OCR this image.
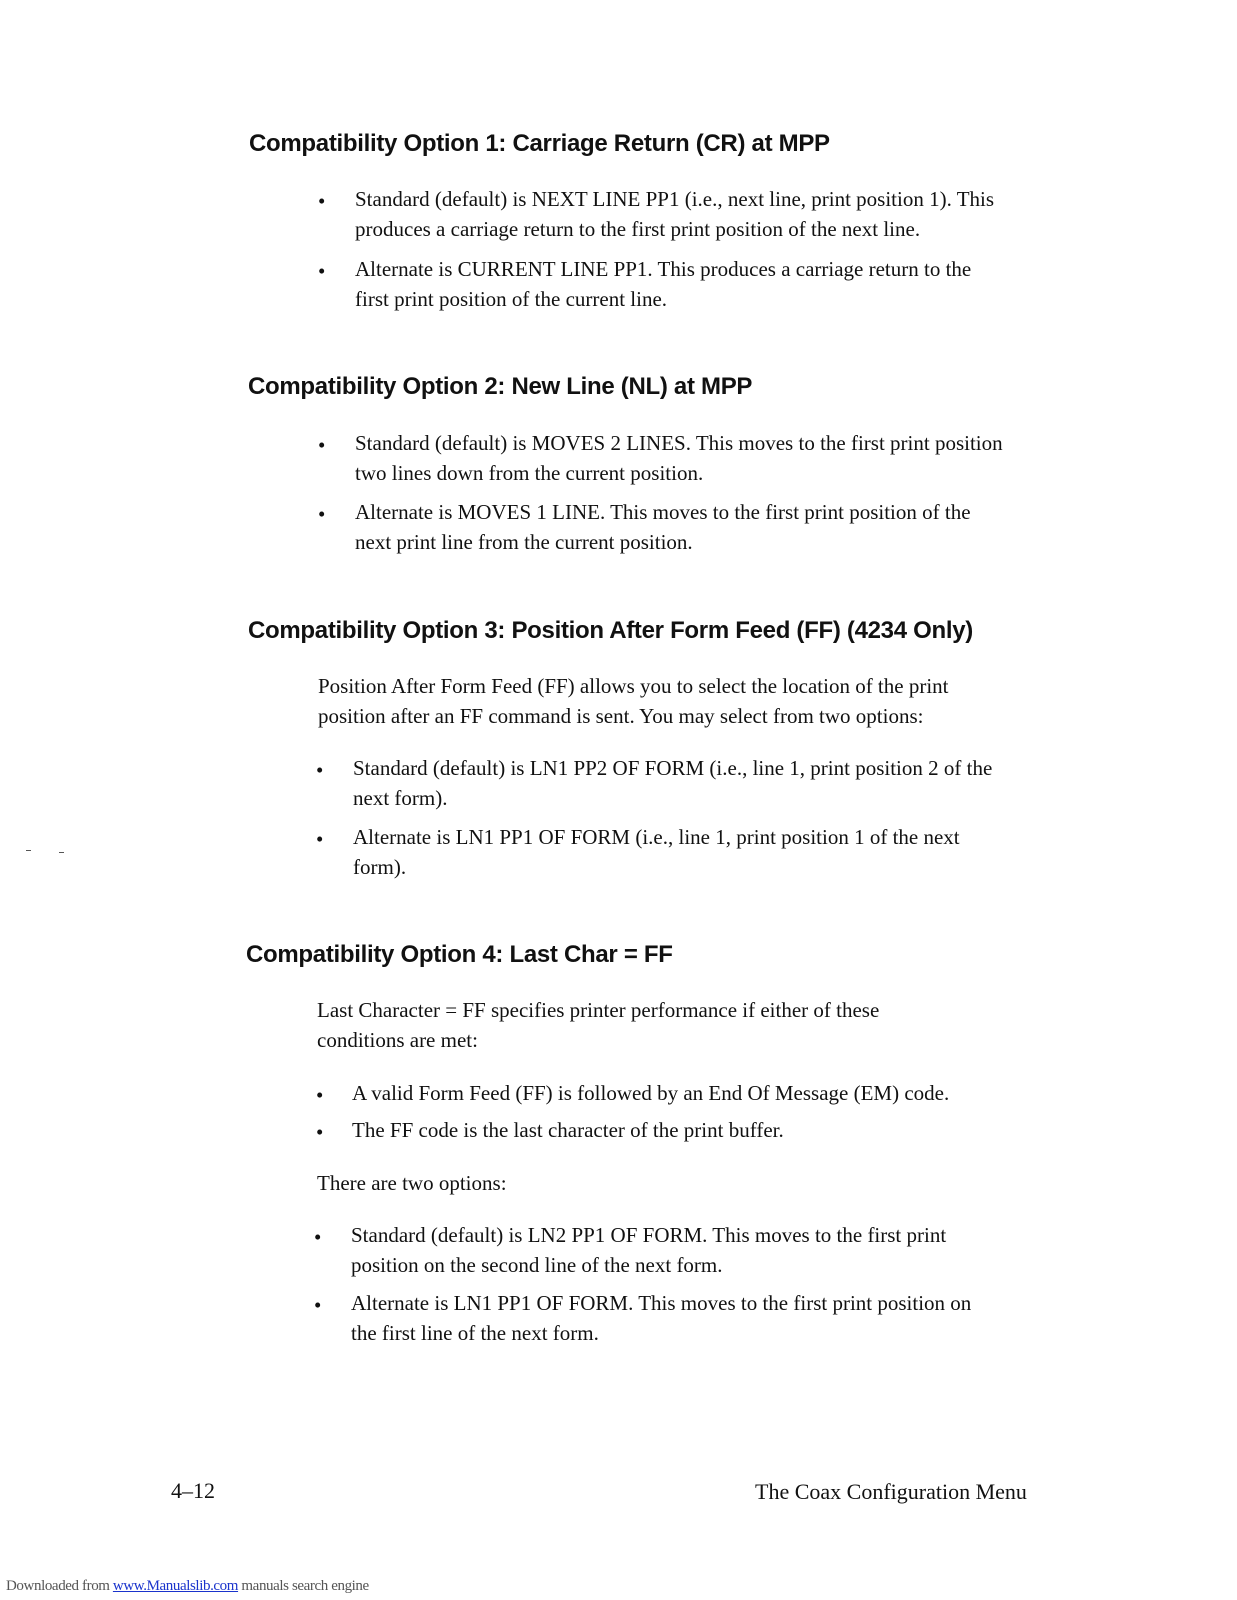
Compatibility Option 1: Carriage Return (CR) at MPP
• Standard (default) is NEXT LINE PP1 (i.e., next line, print position 1). This produces a carriage return to the first print position of the next line.

• Alternate is CURRENT LINE PP1. This produces a carriage return to the first print position of the current line.

Compatibility Option 2: New Line (NL) at MPP
• Standard (default) is MOVES 2 LINES. This moves to the first print position two lines down from the current position.

• Alternate is MOVES 1 LINE. This moves to the first print position of the next print line from the current position.

Compatibility Option 3: Position After Form Feed (FF) (4234 Only)

Position After Form Feed (FF) allows you to select the location of the print position after an FF command is sent. You may select from two options:

• Standard (default) is LN1 PP2 OF FORM (i.e., line 1, print position 2 of the next form).

• Alternate is LN1 PP1 OF FORM (i.e., line 1, print position 1 of the next form).

Compatibility Option 4: Last Char = FF

Last Character = FF specifies printer performance if either of these conditions are met:

• A valid Form Feed (FF) is followed by an End Of Message (EM) code.

• The FF code is the last character of the print buffer.

There are two options:

• Standard (default) is LN2 PP1 OF FORM. This moves to the first print position on the second line of the next form.

• Alternate is LN1 PP1 OF FORM. This moves to the first print position on the first line of the next form.

4–12	The Coax Configuration Menu

Downloaded from www.Manualslib.com manuals search engine
